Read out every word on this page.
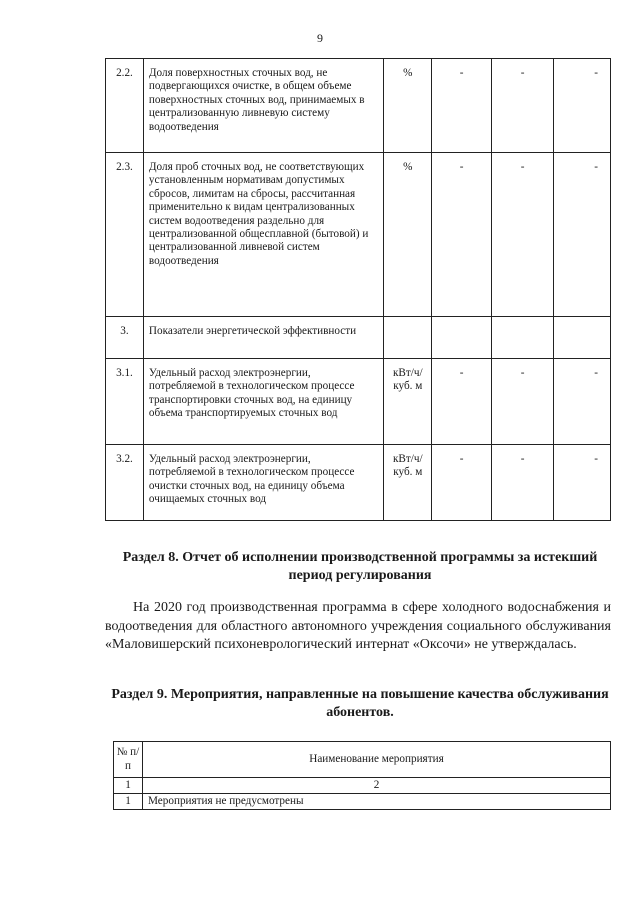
9
2.2.	Доля поверхностных сточных вод, не подвергающихся очистке, в общем объеме поверхностных сточных вод, принимаемых в централизованную ливневую систему водоотведения	%	-	-	-
2.3.	Доля проб сточных вод, не соответствующих установленным нормативам допустимых сбросов, лимитам на сбросы, рассчитанная применительно к видам централизованных систем водоотведения раздельно для централизованной общесплавной (бытовой) и централизованной ливневой систем водоотведения	%	-	-	-
3.	Показатели энергетической эффективности				
3.1.	Удельный расход электроэнергии, потребляемой в технологическом процессе транспортировки сточных вод, на единицу объема транспортируемых сточных вод	кВт/ч/ куб. м	-	-	-
3.2.	Удельный расход электроэнергии, потребляемой в технологическом процессе очистки сточных вод, на единицу объема очищаемых сточных вод	кВт/ч/ куб. м	-	-	-
Раздел 8. Отчет об исполнении производственной программы за истекший период регулирования
На 2020 год производственная программа в сфере холодного водоснабжения и водоотведения для областного автономного учреждения социального обслуживания «Маловишерский психоневрологический интернат «Оксочи» не утверждалась.
Раздел 9. Мероприятия, направленные на повышение качества обслуживания абонентов.
№ п/п	Наименование мероприятия
1	2
1	Мероприятия не предусмотрены
